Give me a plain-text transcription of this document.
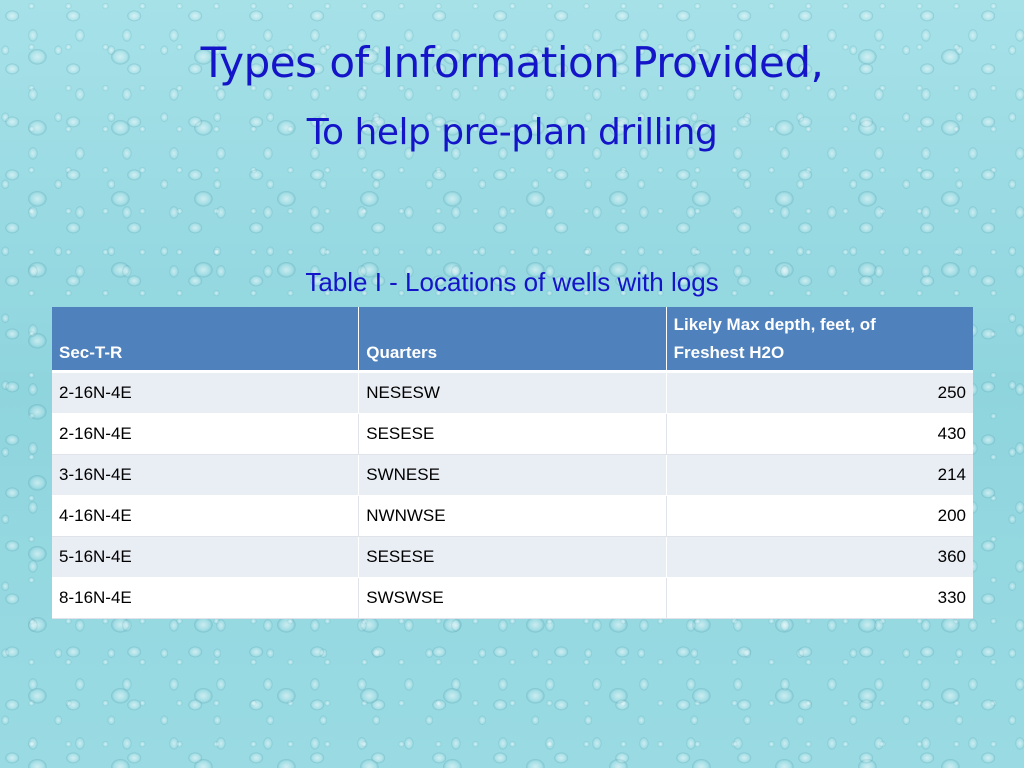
Types of Information Provided,
To help pre-plan drilling
Table I - Locations of wells with logs
Sec-T-R	Quarters	Likely Max depth, feet, of
Freshest H2O
2-16N-4E	NESESW	250
2-16N-4E	SESESE	430
3-16N-4E	SWNESE	214
4-16N-4E	NWNWSE	200
5-16N-4E	SESESE	360
8-16N-4E	SWSWSE	330
